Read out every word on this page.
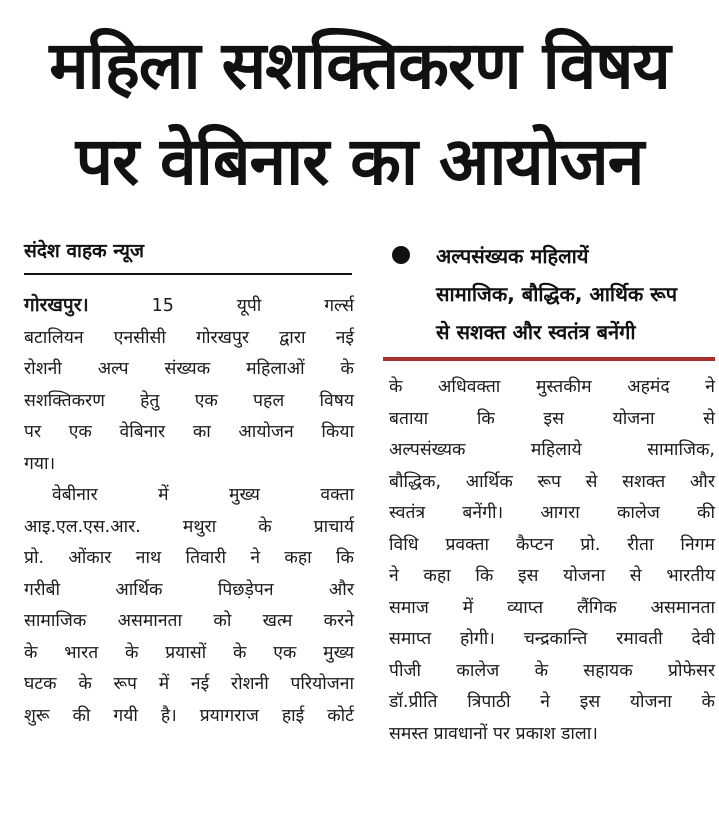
महिला सशक्तिकरण विषय
पर वेबिनार का आयोजन
संदेश वाहक न्यूज	अल्पसंख्यक महिलायें
सामाजिक, बौद्धिक, आर्थिक रूप
से सशक्त और स्वतंत्र बनेंगी

गोरखपुर। 15 यूपी गर्ल्स

बटालियन एनसीसी गोरखपुर द्वारा नई

रोशनी अल्प संख्यक महिलाओं के

सशक्तिकरण हेतु एक पहल विषय

पर एक वेबिनार का आयोजन किया

गया।

वेबीनार में मुख्य वक्ता

आइ.एल.एस.आर. मथुरा के प्राचार्य

प्रो. ओंकार नाथ तिवारी ने कहा कि

गरीबी आर्थिक पिछड़ेपन और

सामाजिक असमानता को खत्म करने

के भारत के प्रयासों के एक मुख्य

घटक के रूप में नई रोशनी परियोजना

शुरू की गयी है। प्रयागराज हाई कोर्ट

के अधिवक्ता मुस्तकीम अहमंद ने

बताया कि इस योजना से

अल्पसंख्यक महिलाये सामाजिक,

बौद्धिक, आर्थिक रूप से सशक्त और

स्वतंत्र बनेंगी। आगरा कालेज की

विधि प्रवक्ता कैप्टन प्रो. रीता निगम

ने कहा कि इस योजना से भारतीय

समाज में व्याप्त लैंगिक असमानता

समाप्त होगी। चन्द्रकान्ति रमावती देवी

पीजी कालेज के सहायक प्रोफेसर

डॉ.प्रीति त्रिपाठी ने इस योजना के

समस्त प्रावधानों पर प्रकाश डाला।
